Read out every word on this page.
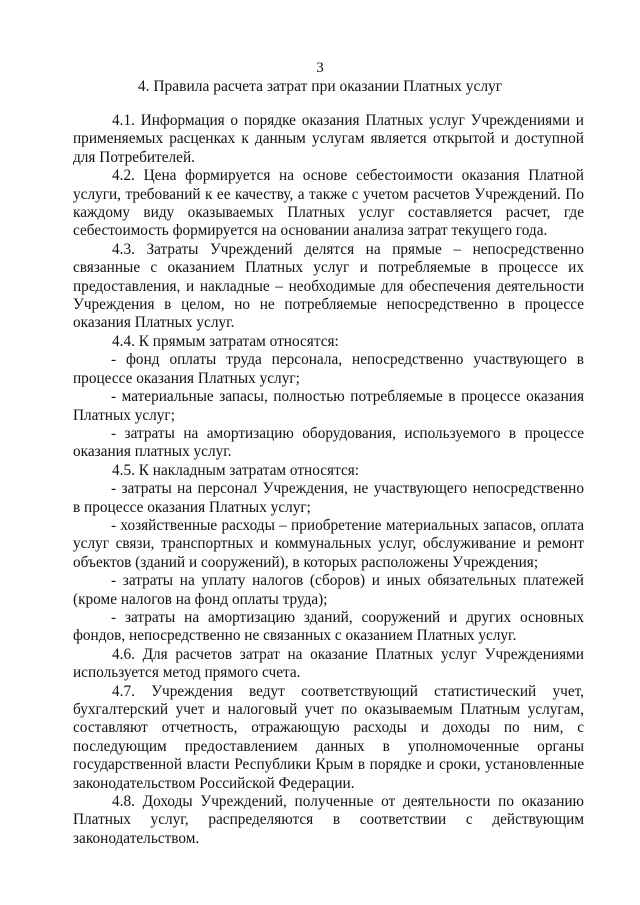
3
4. Правила расчета затрат при оказании Платных услуг

4.1. Информация о порядке оказания Платных услуг Учреждениями и применяемых расценках к данным услугам является открытой и доступной для Потребителей.

4.2. Цена формируется на основе себестоимости оказания Платной услуги, требований к ее качеству, а также с учетом расчетов Учреждений. По каждому виду оказываемых Платных услуг составляется расчет, где себестоимость формируется на основании анализа затрат текущего года.

4.3. Затраты Учреждений делятся на прямые – непосредственно связанные с оказанием Платных услуг и потребляемые в процессе их предоставления, и накладные – необходимые для обеспечения деятельности Учреждения в целом, но не потребляемые непосредственно в процессе оказания Платных услуг.

4.4. К прямым затратам относятся:

- фонд оплаты труда персонала, непосредственно участвующего в процессе оказания Платных услуг;

- материальные запасы, полностью потребляемые в процессе оказания Платных услуг;

- затраты на амортизацию оборудования, используемого в процессе оказания платных услуг.

4.5. К накладным затратам относятся:

- затраты на персонал Учреждения, не участвующего непосредственно в процессе оказания Платных услуг;

- хозяйственные расходы – приобретение материальных запасов, оплата услуг связи, транспортных и коммунальных услуг, обслуживание и ремонт объектов (зданий и сооружений), в которых расположены Учреждения;

- затраты на уплату налогов (сборов) и иных обязательных платежей (кроме налогов на фонд оплаты труда);

- затраты на амортизацию зданий, сооружений и других основных фондов, непосредственно не связанных с оказанием Платных услуг.

4.6. Для расчетов затрат на оказание Платных услуг Учреждениями используется метод прямого счета.

4.7. Учреждения ведут соответствующий статистический учет, бухгалтерский учет и налоговый учет по оказываемым Платным услугам, составляют отчетность, отражающую расходы и доходы по ним, с последующим предоставлением данных в уполномоченные органы государственной власти Республики Крым в порядке и сроки, установленные законодательством Российской Федерации.

4.8. Доходы Учреждений, полученные от деятельности по оказанию Платных услуг, распределяются в соответствии с действующим законодательством.
